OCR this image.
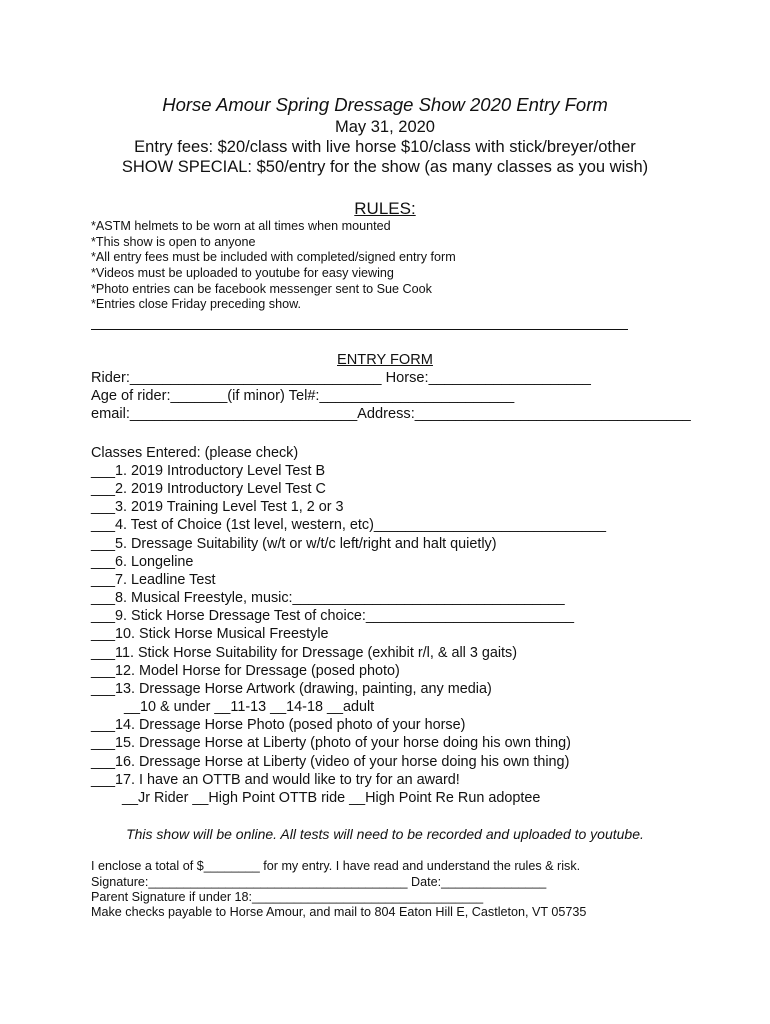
Horse Amour Spring Dressage Show 2020 Entry Form
May 31, 2020
Entry fees: $20/class with live horse $10/class with stick/breyer/other
SHOW SPECIAL: $50/entry for the show (as many classes as you wish)
RULES:
*ASTM helmets to be worn at all times when mounted
*This show is open to anyone
*All entry fees must be included with completed/signed entry form
*Videos must be uploaded to youtube for easy viewing
*Photo entries can be facebook messenger sent to Sue Cook
*Entries close Friday preceding show.
ENTRY FORM
Rider:_______________________________ Horse:____________________
Age of rider:_______(if minor) Tel#:________________________
email:____________________________Address:__________________________________
Classes Entered: (please check)
___1. 2019 Introductory Level Test B
___2. 2019 Introductory Level Test C
___3. 2019 Training Level Test 1, 2 or 3
___4. Test of Choice (1st level, western, etc)_____________________________
___5. Dressage Suitability (w/t or w/t/c left/right and halt quietly)
___6. Longeline
___7. Leadline Test
___8. Musical Freestyle, music:__________________________________
___9. Stick Horse Dressage Test of choice:__________________________
___10. Stick Horse Musical Freestyle
___11. Stick Horse Suitability for Dressage (exhibit r/l, & all 3 gaits)
___12. Model Horse for Dressage (posed photo)
___13. Dressage Horse Artwork (drawing, painting, any media)
__10 & under __11-13 __14-18 __adult
___14. Dressage Horse Photo (posed photo of your horse)
___15. Dressage Horse at Liberty (photo of your horse doing his own thing)
___16. Dressage Horse at Liberty (video of your horse doing his own thing)
___17. I have an OTTB and would like to try for an award!
__Jr Rider __High Point OTTB ride __High Point Re Run adoptee
This show will be online. All tests will need to be recorded and uploaded to youtube.
I enclose a total of $________ for my entry. I have read and understand the rules & risk.
Signature:_____________________________________ Date:_______________
Parent Signature if under 18:_________________________________
Make checks payable to Horse Amour, and mail to 804 Eaton Hill E, Castleton, VT 05735
